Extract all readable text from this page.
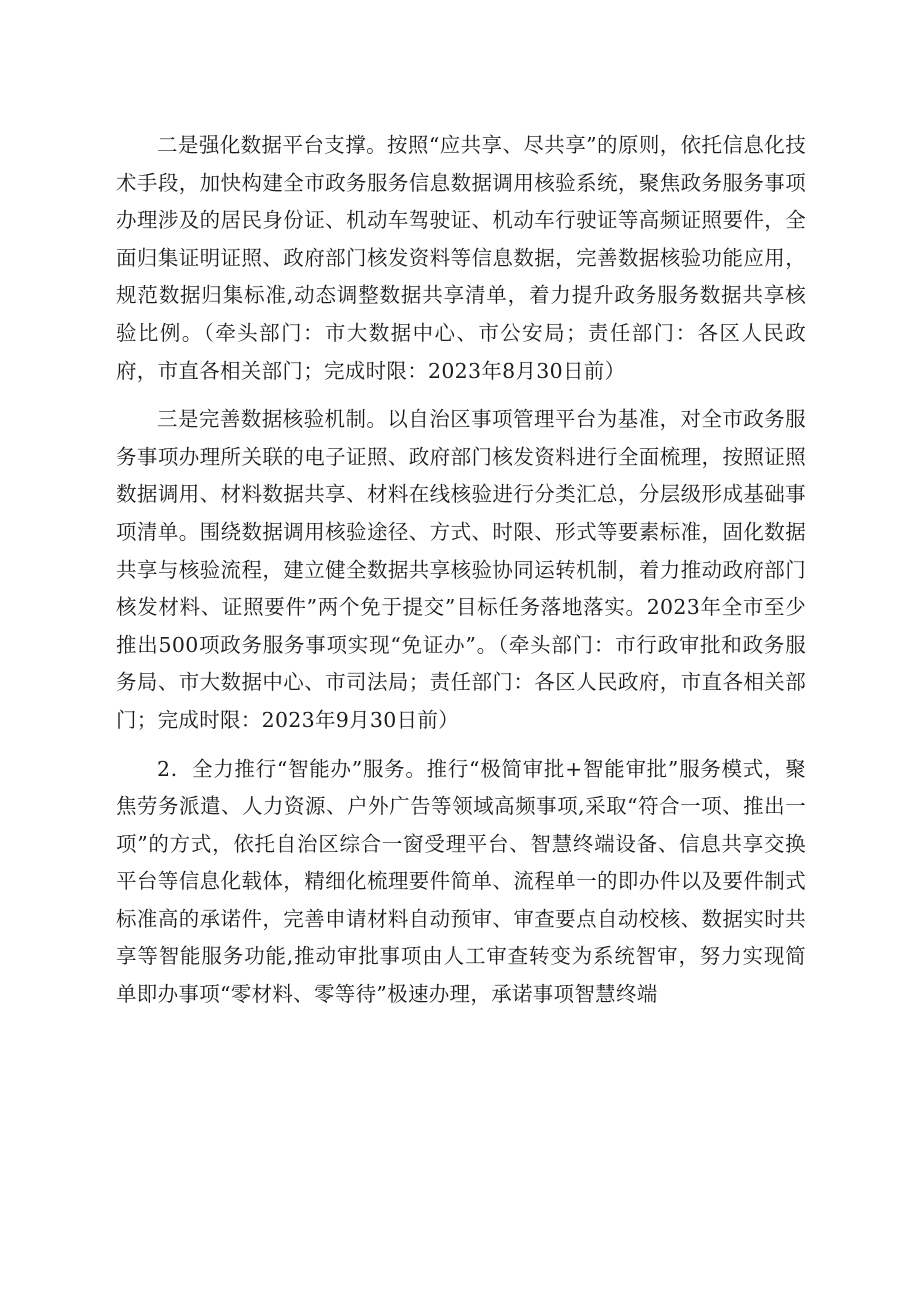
二是强化数据平台支撑。按照“应共享、尽共享”的原则，依托信息化技术手段，加快构建全市政务服务信息数据调用核验系统，聚焦政务服务事项办理涉及的居民身份证、机动车驾驶证、机动车行驶证等高频证照要件，全面归集证明证照、政府部门核发资料等信息数据，完善数据核验功能应用，规范数据归集标准,动态调整数据共享清单，着力提升政务服务数据共享核验比例。（牵头部门：市大数据中心、市公安局；责任部门：各区人民政府，市直各相关部门；完成时限：2023年8月30日前）

三是完善数据核验机制。以自治区事项管理平台为基准，对全市政务服务事项办理所关联的电子证照、政府部门核发资料进行全面梳理，按照证照数据调用、材料数据共享、材料在线核验进行分类汇总，分层级形成基础事项清单。围绕数据调用核验途径、方式、时限、形式等要素标准，固化数据共享与核验流程，建立健全数据共享核验协同运转机制，着力推动政府部门核发材料、证照要件”两个免于提交”目标任务落地落实。2023年全市至少推出500项政务服务事项实现“免证办”。（牵头部门：市行政审批和政务服务局、市大数据中心、市司法局；责任部门：各区人民政府，市直各相关部门；完成时限：2023年9月30日前）

2．全力推行“智能办”服务。推行“极简审批+智能审批”服务模式，聚焦劳务派遣、人力资源、户外广告等领域高频事项,采取“符合一项、推出一项”的方式，依托自治区综合一窗受理平台、智慧终端设备、信息共享交换平台等信息化载体，精细化梳理要件简单、流程单一的即办件以及要件制式标准高的承诺件，完善申请材料自动预审、审查要点自动校核、数据实时共享等智能服务功能,推动审批事项由人工审查转变为系统智审，努力实现简单即办事项“零材料、零等待”极速办理，承诺事项智慧终端
